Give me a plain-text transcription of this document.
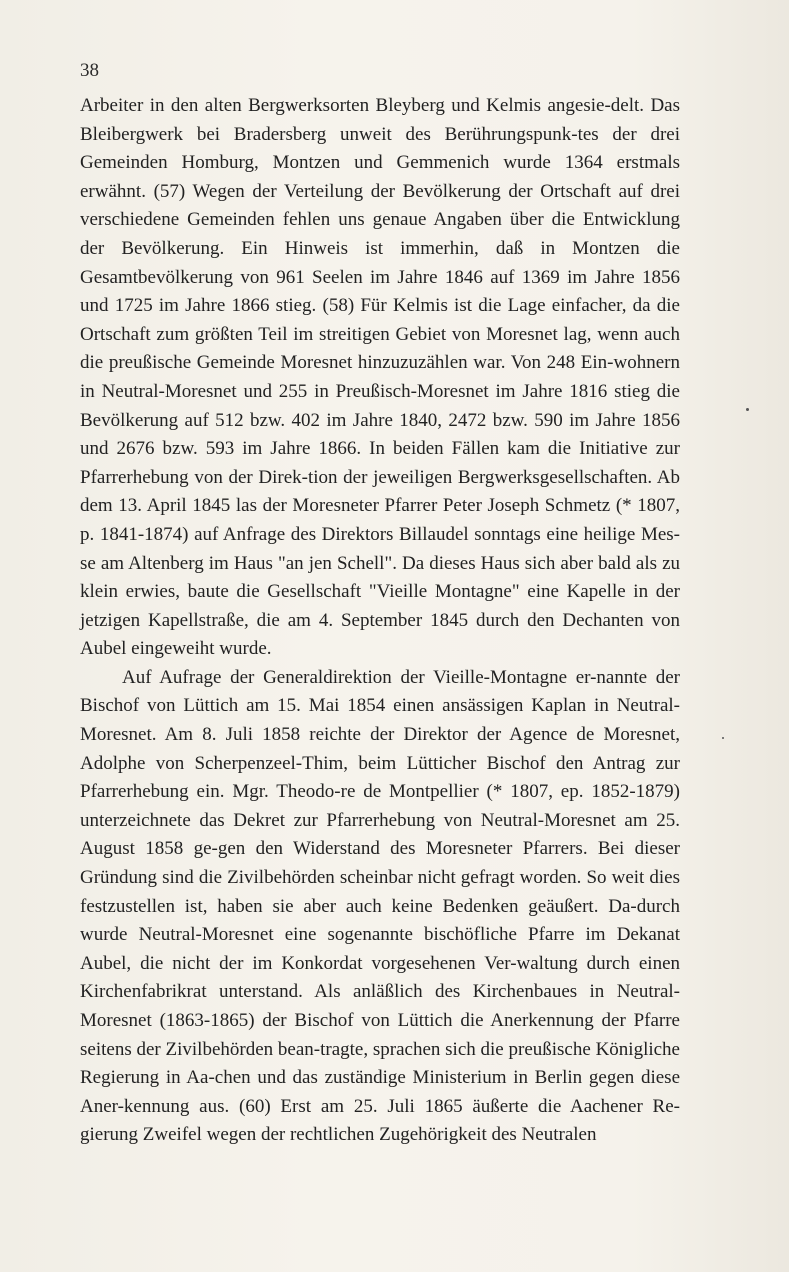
38

Arbeiter in den alten Bergwerksorten Bleyberg und Kelmis angesie-delt. Das Bleibergwerk bei Bradersberg unweit des Berührungspunk-tes der drei Gemeinden Homburg, Montzen und Gemmenich wurde 1364 erstmals erwähnt. (57) Wegen der Verteilung der Bevölkerung der Ortschaft auf drei verschiedene Gemeinden fehlen uns genaue Angaben über die Entwicklung der Bevölkerung. Ein Hinweis ist immerhin, daß in Montzen die Gesamtbevölkerung von 961 Seelen im Jahre 1846 auf 1369 im Jahre 1856 und 1725 im Jahre 1866 stieg. (58) Für Kelmis ist die Lage einfacher, da die Ortschaft zum größten Teil im streitigen Gebiet von Moresnet lag, wenn auch die preußische Gemeinde Moresnet hinzuzuzählen war. Von 248 Ein-wohnern in Neutral-Moresnet und 255 in Preußisch-Moresnet im Jahre 1816 stieg die Bevölkerung auf 512 bzw. 402 im Jahre 1840, 2472 bzw. 590 im Jahre 1856 und 2676 bzw. 593 im Jahre 1866. In beiden Fällen kam die Initiative zur Pfarrerhebung von der Direk-tion der jeweiligen Bergwerksgesellschaften. Ab dem 13. April 1845 las der Moresneter Pfarrer Peter Joseph Schmetz (* 1807, p. 1841-1874) auf Anfrage des Direktors Billaudel sonntags eine heilige Mes-se am Altenberg im Haus "an jen Schell". Da dieses Haus sich aber bald als zu klein erwies, baute die Gesellschaft "Vieille Montagne" eine Kapelle in der jetzigen Kapellstraße, die am 4. September 1845 durch den Dechanten von Aubel eingeweiht wurde.

Auf Aufrage der Generaldirektion der Vieille-Montagne er-nannte der Bischof von Lüttich am 15. Mai 1854 einen ansässigen Kaplan in Neutral-Moresnet. Am 8. Juli 1858 reichte der Direktor der Agence de Moresnet, Adolphe von Scherpenzeel-Thim, beim Lütticher Bischof den Antrag zur Pfarrerhebung ein. Mgr. Theodo-re de Montpellier (* 1807, ep. 1852-1879) unterzeichnete das Dekret zur Pfarrerhebung von Neutral-Moresnet am 25. August 1858 ge-gen den Widerstand des Moresneter Pfarrers. Bei dieser Gründung sind die Zivilbehörden scheinbar nicht gefragt worden. So weit dies festzustellen ist, haben sie aber auch keine Bedenken geäußert. Da-durch wurde Neutral-Moresnet eine sogenannte bischöfliche Pfarre im Dekanat Aubel, die nicht der im Konkordat vorgesehenen Ver-waltung durch einen Kirchenfabrikrat unterstand. Als anläßlich des Kirchenbaues in Neutral-Moresnet (1863-1865) der Bischof von Lüttich die Anerkennung der Pfarre seitens der Zivilbehörden bean-tragte, sprachen sich die preußische Königliche Regierung in Aa-chen und das zuständige Ministerium in Berlin gegen diese Aner-kennung aus. (60) Erst am 25. Juli 1865 äußerte die Aachener Re-gierung Zweifel wegen der rechtlichen Zugehörigkeit des Neutralen
